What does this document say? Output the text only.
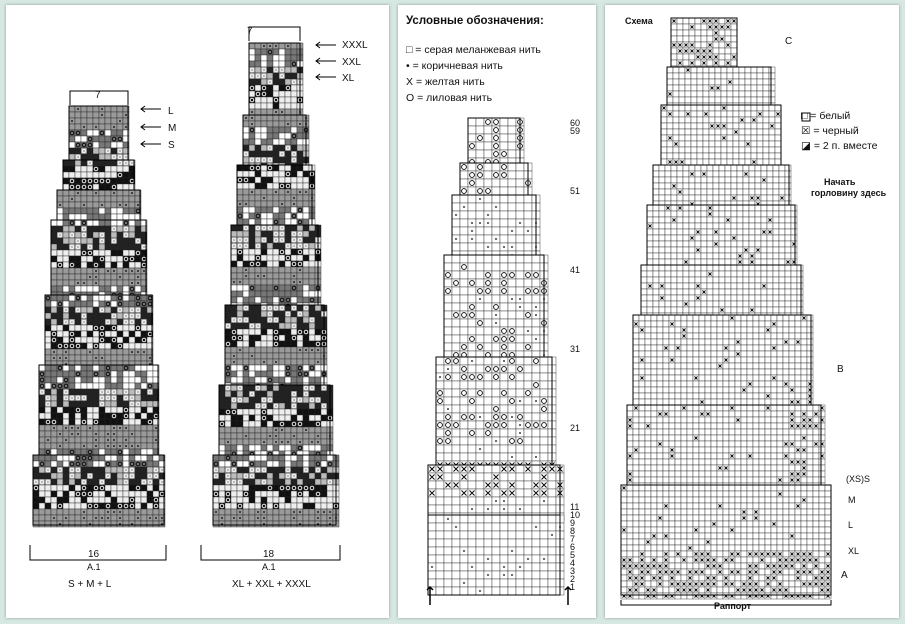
7
7
L
M
S
XXXL
XXL
XL
16
A.1
S + M + L
18
A.1
XL + XXL + XXXL
Условные обозначения:
□ = серая меланжевая нить
• = коричневая нить
X = желтая нить
O = лиловая нить
60
59
51
41
31
21
11
10
9
8
7
6
5
4
3
2
1
Схема
□ = белый
☒ = черный
◪ = 2 п. вместе
Начать
горловину здесь
C
B
A
(XS)S
M
L
XL
Раппорт
